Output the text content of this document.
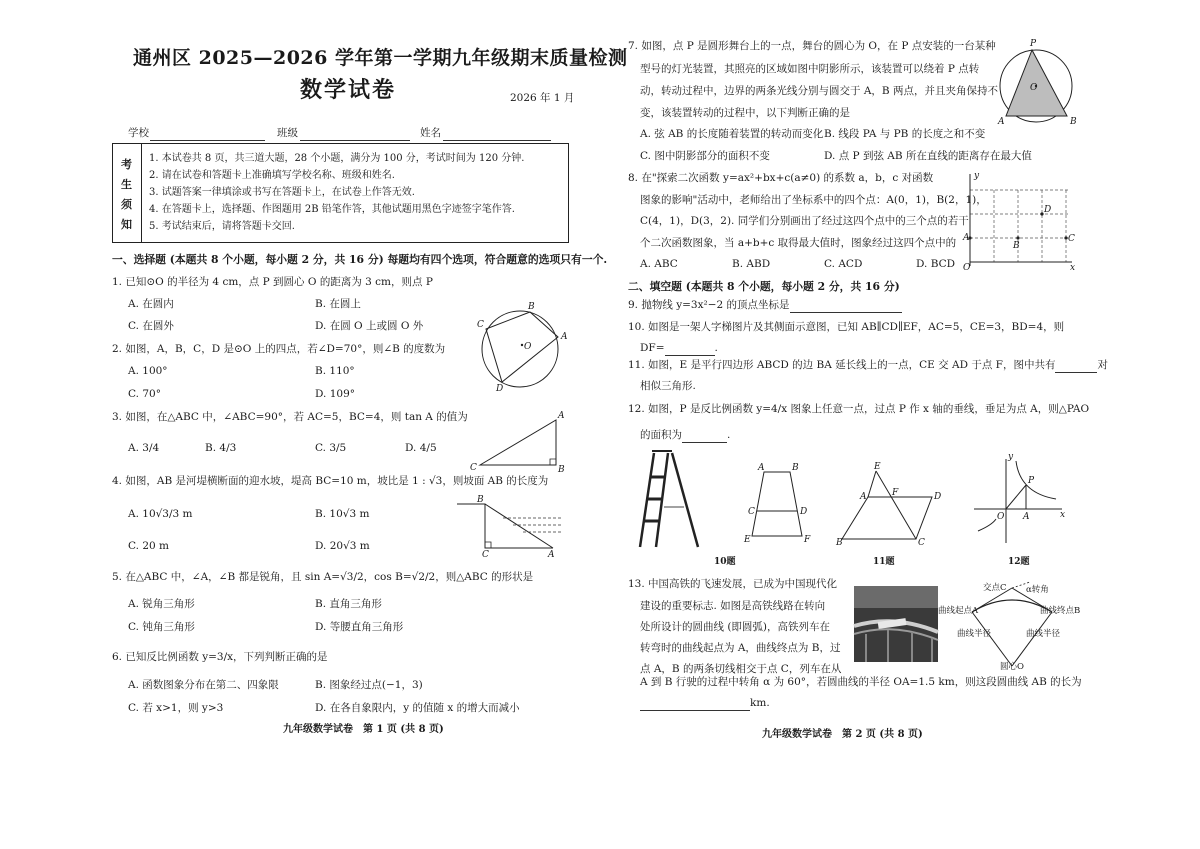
通州区 2025—2026 学年第一学期九年级期末质量检测
数学试卷	2026 年 1 月
学校
	班级
	姓名

考
生
须
知
1. 本试卷共 8 页，共三道大题，28 个小题，满分为 100 分，考试时间为 120 分钟.
2. 请在试卷和答题卡上准确填写学校名称、班级和姓名.
3. 试题答案一律填涂或书写在答题卡上，在试卷上作答无效.
4. 在答题卡上，选择题、作图题用 2B 铅笔作答，其他试题用黑色字迹签字笔作答.
5. 考试结束后，请将答题卡交回.
一、选择题 (本题共 8 个小题，每小题 2 分，共 16 分) 每题均有四个选项，符合题意的选项只有一个.
1. 已知⊙O 的半径为 4 cm，点 P 到圆心 O 的距离为 3 cm，则点 P
A. 在圆内	B. 在圆上
C. 在圆外	D. 在圆 O 上或圆 O 外
2. 如图，A，B，C，D 是⊙O 上的四点，若∠D=70°，则∠B 的度数为
A. 100°	B. 110°
C. 70°	D. 109°
O
C
B
A
D
3. 如图，在△ABC 中，∠ABC=90°，若 AC=5，BC=4，则 tan A 的值为
A. 3/4	B. 4/3	C. 3/5	D. 4/5
A
C	B
4. 如图，AB 是河堤横断面的迎水坡，堤高 BC=10 m，坡比是 1 : √3，则坡面 AB 的长度为
A. 10√3/3 m	B. 10√3 m
C. 20 m	D. 20√3 m
B
C	A
5. 在△ABC 中，∠A，∠B 都是锐角，且 sin A=√3/2，cos B=√2/2，则△ABC 的形状是
A. 锐角三角形	B. 直角三角形
C. 钝角三角形	D. 等腰直角三角形
6. 已知反比例函数 y=3/x，下列判断正确的是
A. 函数图象分布在第二、四象限	B. 图象经过点(−1，3)
C. 若 x>1，则 y>3	D. 在各自象限内，y 的值随 x 的增大而减小
九年级数学试卷　第 1 页 (共 8 页)
7. 如图，点 P 是圆形舞台上的一点，舞台的圆心为 O，在 P 点安装的一台某种
型号的灯光装置，其照亮的区域如图中阴影所示，该装置可以绕着 P 点转
动，转动过程中，边界的两条光线分别与圆交于 A，B 两点，并且夹角保持不
变，该装置转动的过程中，以下判断正确的是
A. 弦 AB 的长度随着装置的转动而变化 B. 线段 PA 与 PB 的长度之和不变
C. 图中阴影部分的面积不变	D. 点 P 到弦 AB 所在直线的距离存在最大值
O
P
A	B
8. 在"探索二次函数 y=ax²+bx+c(a≠0) 的系数 a，b，c 对函数
图象的影响"活动中，老师给出了坐标系中的四个点：A(0，1)，B(2，1)，
C(4，1)，D(3，2). 同学们分别画出了经过这四个点中的三个点的若干
个二次函数图象，当 a+b+c 取得最大值时，图象经过这四个点中的
A. ABC	B. ABD	C. ACD	D. BCD
A
B
C
D
O	x
y
二、填空题 (本题共 8 个小题，每小题 2 分，共 16 分)
9. 抛物线 y=3x²−2 的顶点坐标是
10. 如图是一架人字梯图片及其侧面示意图，已知 AB∥CD∥EF，AC=5，CE=3，BD=4，则
DF=	.
11. 如图，E 是平行四边形 ABCD 的边 BA 延长线上的一点，CE 交 AD 于点 F，图中共有	对
相似三角形.
12. 如图，P 是反比例函数 y=4/x 图象上任意一点，过点 P 作 x 轴的垂线，垂足为点 A，则△PAO
的面积为	.
A	B
C	D
E	F
E
A	F	D
B	C
P
A
O	x
y
10题	11题	12题
13. 中国高铁的飞速发展，已成为中国现代化
建设的重要标志. 如图是高铁线路在转向
处所设计的圆曲线 (即圆弧)，高铁列车在
转弯时的曲线起点为 A，曲线终点为 B，过
点 A，B 的两条切线相交于点 C，列车在从
A 到 B 行驶的过程中转角 α 为 60°，若圆曲线的半径 OA=1.5 km，则这段圆曲线 AB 的长为
km.
交点C α转角
曲线起点A	曲线终点B
曲线半径	曲线半径
圆心O
九年级数学试卷　第 2 页 (共 8 页)
